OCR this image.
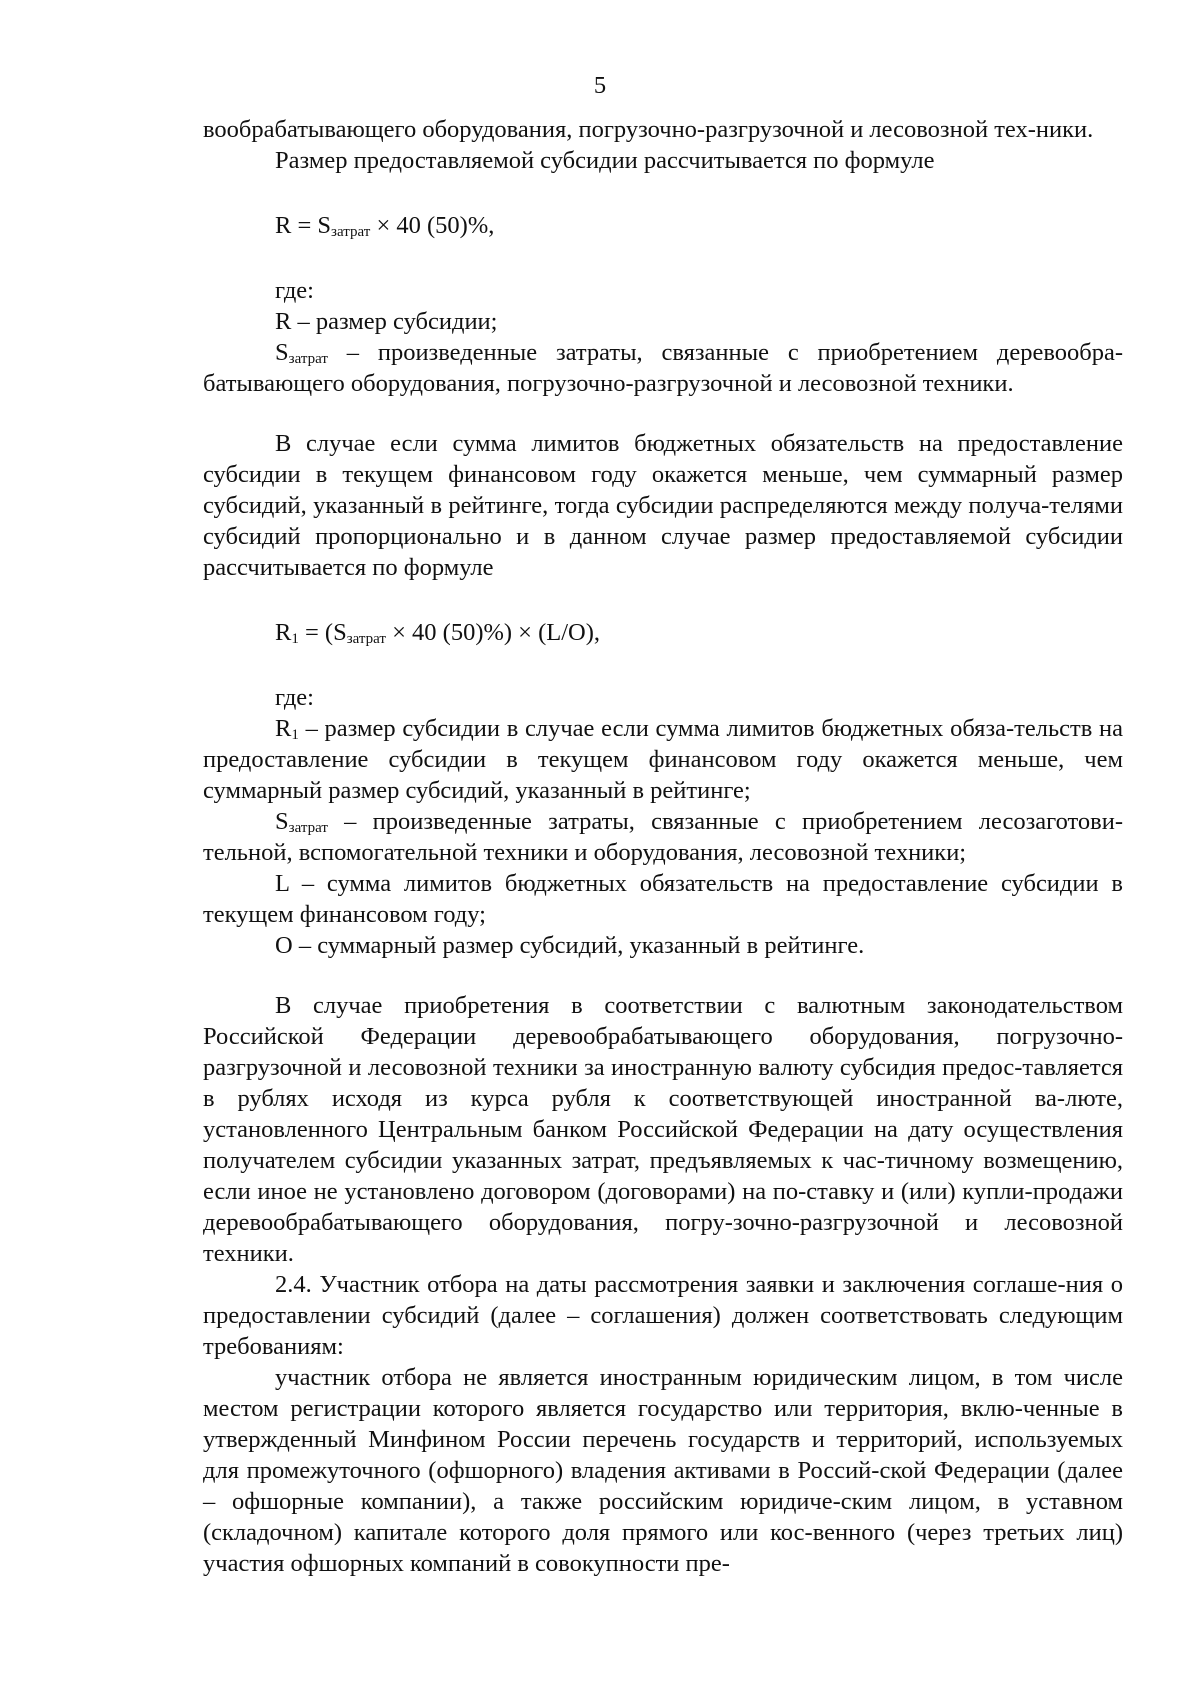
5

вообрабатывающего оборудования, погрузочно-разгрузочной и лесовозной тех-ники.

Размер предоставляемой субсидии рассчитывается по формуле

$R = S_{затрат} \times 40$ (50)%,

где:

R – размер субсидии;

$S_{затрат}$ – произведенные затраты, связанные с приобретением деревообра-батывающего оборудования, погрузочно-разгрузочной и лесовозной техники.

В случае если сумма лимитов бюджетных обязательств на предоставление субсидии в текущем финансовом году окажется меньше, чем суммарный размер субсидий, указанный в рейтинге, тогда субсидии распределяются между получа-телями субсидий пропорционально и в данном случае размер предоставляемой субсидии рассчитывается по формуле

$R_1 = (S_{затрат} \times 40$ (50)%) × (L/O),

где:

$R_1$ – размер субсидии в случае если сумма лимитов бюджетных обяза-тельств на предоставление субсидии в текущем финансовом году окажется меньше, чем суммарный размер субсидий, указанный в рейтинге;

$S_{затрат}$ – произведенные затраты, связанные с приобретением лесозаготови-тельной, вспомогательной техники и оборудования, лесовозной техники;

L – сумма лимитов бюджетных обязательств на предоставление субсидии в текущем финансовом году;

O – суммарный размер субсидий, указанный в рейтинге.

В случае приобретения в соответствии с валютным законодательством Российской Федерации деревообрабатывающего оборудования, погрузочно-разгрузочной и лесовозной техники за иностранную валюту субсидия предос-тавляется в рублях исходя из курса рубля к соответствующей иностранной ва-люте, установленного Центральным банком Российской Федерации на дату осуществления получателем субсидии указанных затрат, предъявляемых к час-тичному возмещению, если иное не установлено договором (договорами) на по-ставку и (или) купли-продажи деревообрабатывающего оборудования, погру-зочно-разгрузочной и лесовозной техники.

2.4. Участник отбора на даты рассмотрения заявки и заключения соглаше-ния о предоставлении субсидий (далее – соглашения) должен соответствовать следующим требованиям:

участник отбора не является иностранным юридическим лицом, в том числе местом регистрации которого является государство или территория, вклю-ченные в утвержденный Минфином России перечень государств и территорий, используемых для промежуточного (офшорного) владения активами в Россий-ской Федерации (далее – офшорные компании), а также российским юридиче-ским лицом, в уставном (складочном) капитале которого доля прямого или кос-венного (через третьих лиц) участия офшорных компаний в совокупности пре-
